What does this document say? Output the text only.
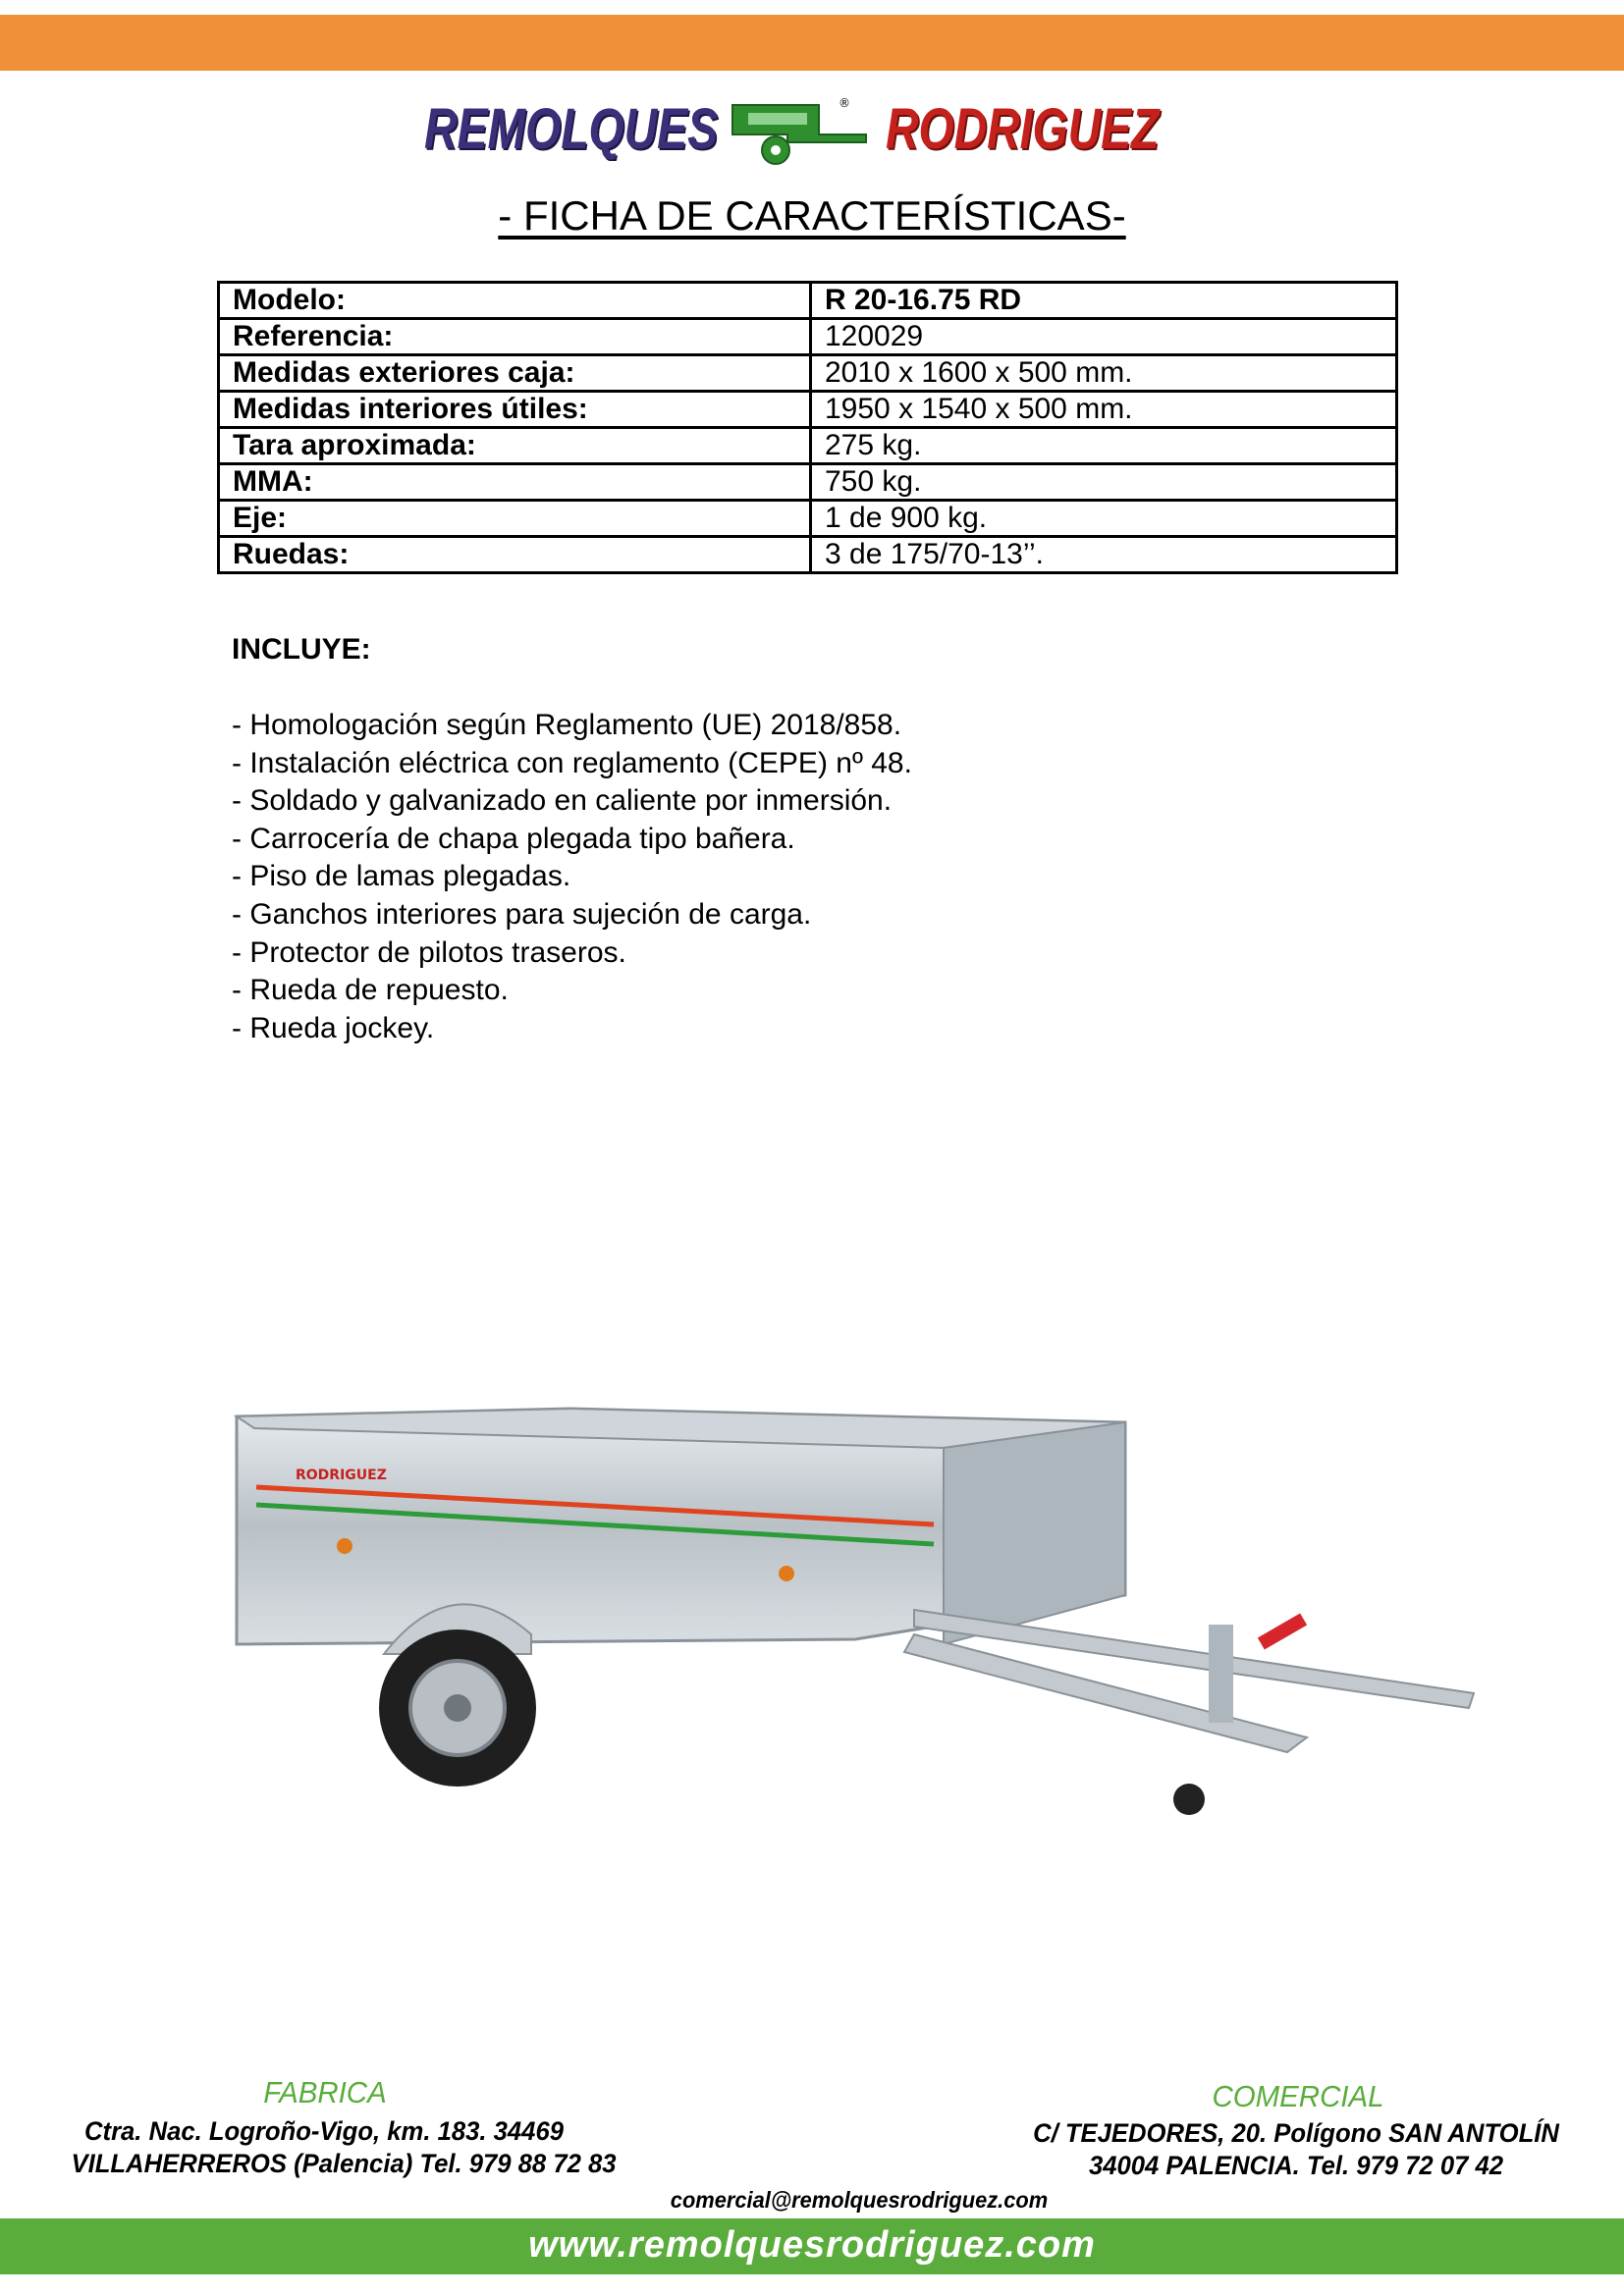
REMOLQUES	® RODRIGUEZ
- FICHA DE CARACTERÍSTICAS-
Modelo:	R 20-16.75 RD
Referencia:	120029
Medidas exteriores caja:	2010 x 1600 x 500 mm.
Medidas interiores útiles:	1950 x 1540 x 500 mm.
Tara aproximada:	275 kg.
MMA:	750 kg.
Eje:	1 de 900 kg.
Ruedas:	3 de 175/70-13’’.
INCLUYE:
- Homologación según Reglamento (UE) 2018/858.
- Instalación eléctrica con reglamento (CEPE) nº 48.
- Soldado y galvanizado en caliente por inmersión.
- Carrocería de chapa plegada tipo bañera.
- Piso de lamas plegadas.
- Ganchos interiores para sujeción de carga.
- Protector de pilotos traseros.
- Rueda de repuesto.
- Rueda jockey.
RODRIGUEZ
FABRICA
Ctra. Nac. Logroño-Vigo, km. 183. 34469
VILLAHERREROS (Palencia) Tel. 979 88 72 83
COMERCIAL
C/ TEJEDORES, 20. Polígono SAN ANTOLÍN
34004 PALENCIA. Tel. 979 72 07 42
comercial@remolquesrodriguez.com
www.remolquesrodriguez.com
